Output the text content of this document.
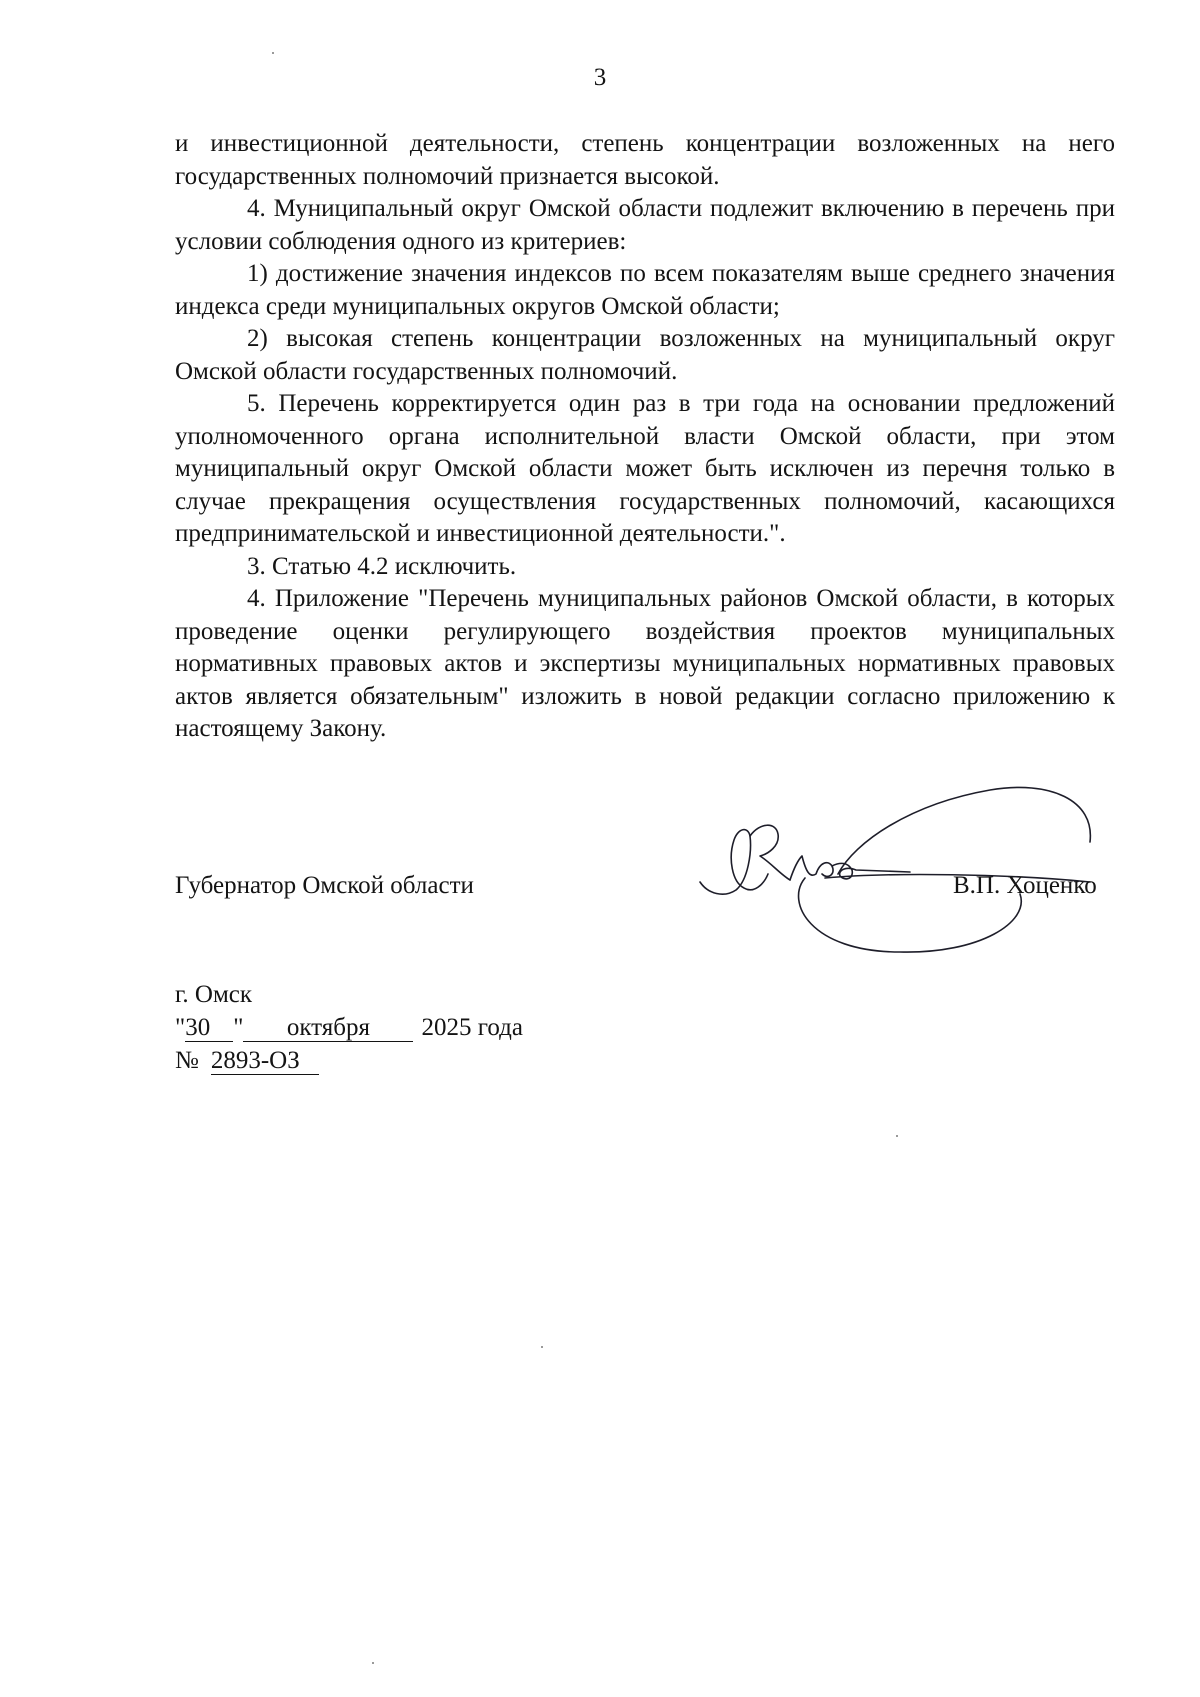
3

и инвестиционной деятельности, степень концентрации возложенных на него государственных полномочий признается высокой.

4. Муниципальный округ Омской области подлежит включению в перечень при условии соблюдения одного из критериев:

1) достижение значения индексов по всем показателям выше среднего значения индекса среди муниципальных округов Омской области;

2) высокая степень концентрации возложенных на муниципальный округ Омской области государственных полномочий.

5. Перечень корректируется один раз в три года на основании предложений уполномоченного органа исполнительной власти Омской области, при этом муниципальный округ Омской области может быть исключен из перечня только в случае прекращения осуществления государственных полномочий, касающихся предпринимательской и инвестиционной деятельности.".

3. Статью 4.2 исключить.

4. Приложение "Перечень муниципальных районов Омской области, в которых проведение оценки регулирующего воздействия проектов муниципальных нормативных правовых актов и экспертизы муниципальных нормативных правовых актов является обязательным" изложить в новой редакции согласно приложению к настоящему Закону.

Губернатор Омской области	В.П. Хоценко
г. Омск
"30" октября 2025 года
№ 2893-ОЗ
